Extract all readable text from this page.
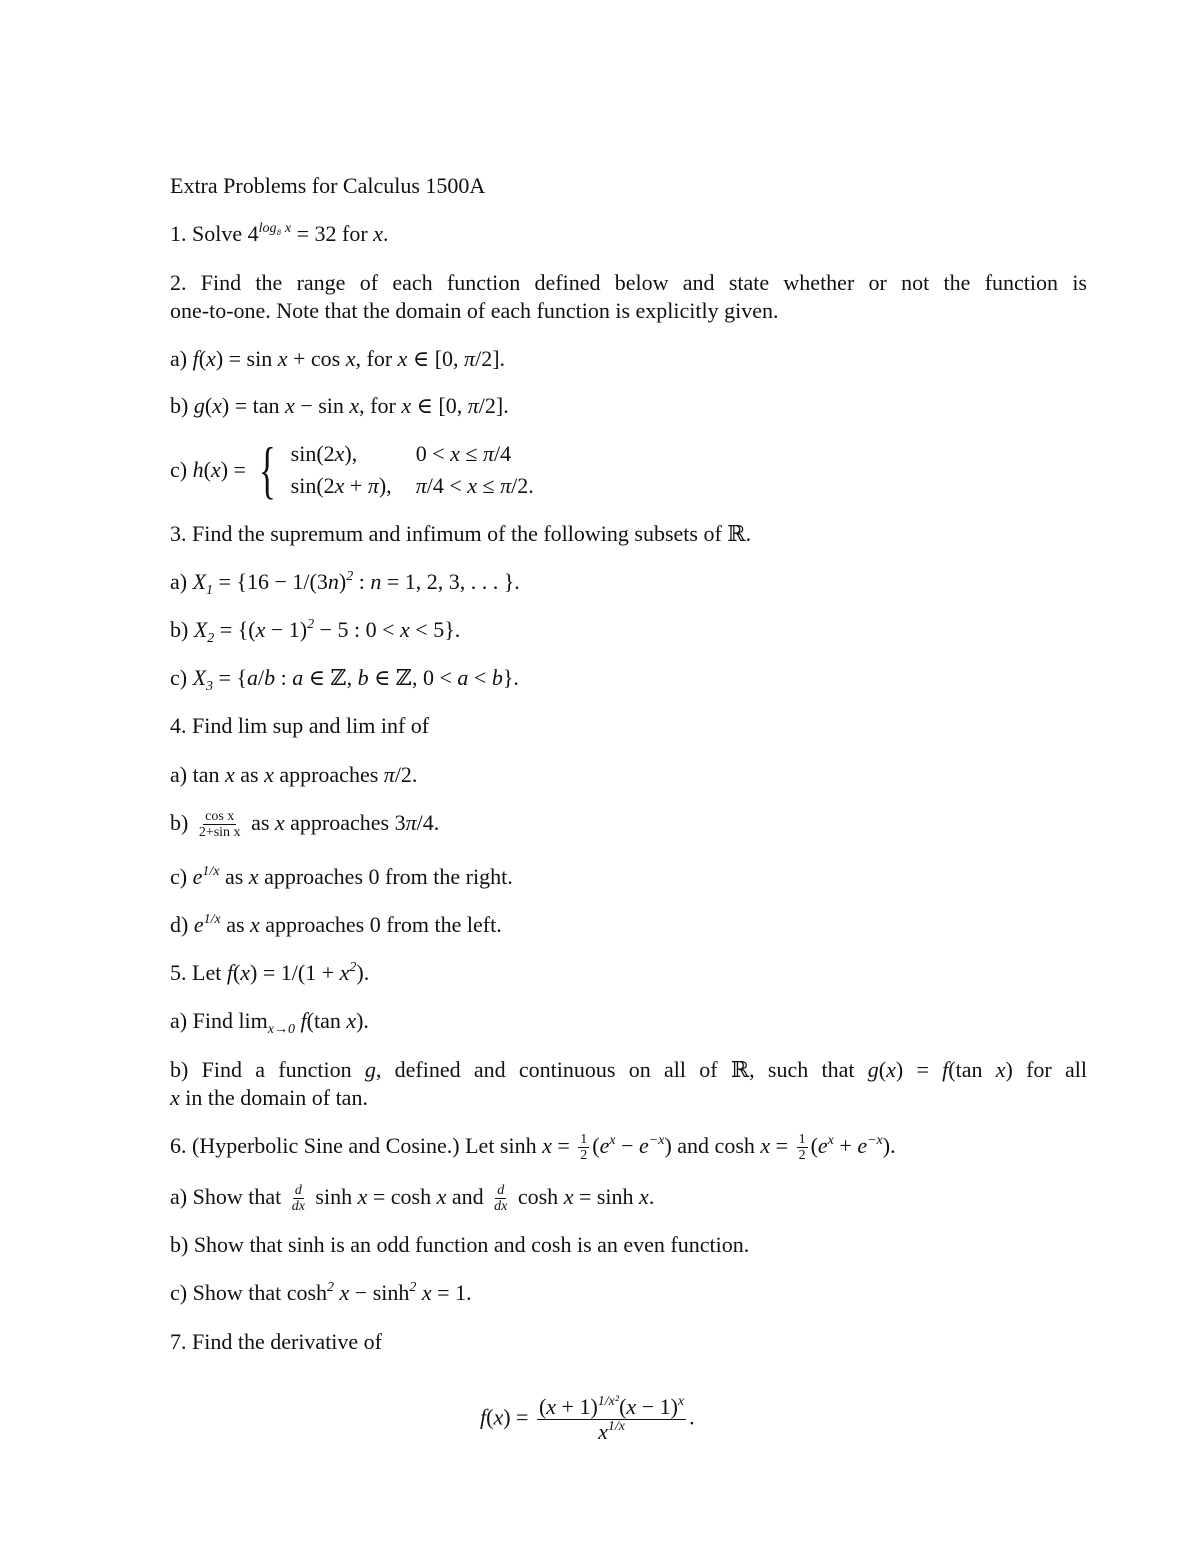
Extra Problems for Calculus 1500A
1. Solve $4^{log_8 x} = 32$ for x.
2. Find the range of each function defined below and state whether or not the function is
one-to-one. Note that the domain of each function is explicitly given.
a) f(x) = sin x + cos x, for x ∈ [0, π/2].
b) g(x) = tan x − sin x, for x ∈ [0, π/2].
c) h(x) = { sin(2x),	0 < x ≤ π/4
sin(2x + π), π/4 < x ≤ π/2.
3. Find the supremum and infimum of the following subsets of ℝ.
a) $X_1 = \{16 - 1/(3n)^2$ : n = 1, 2, 3, . . . }.
b) $X_2 = \{(x - 1)^2 - 5$ : 0 < x < 5}.
c) $X_3 = \{a/b$ : a ∈ ℤ, b ∈ ℤ, 0 < a < b}.
4. Find lim sup and lim inf of
a) tan x as x approaches π/2.
$b) \frac{\text{cos x}}{\text{2+sin x}}$ as x approaches 3π/4.
c) $e^{1/x}$ as x approaches 0 from the right.
d) $e^{1/x}$ as x approaches 0 from the left.
5. Let $f(x) = 1/(1 + x^2)$.
a) Find $\lim_{x\to 0} f(\tan$ x).
b) Find a function g, defined and continuous on all of ℝ, such that g(x) = f(tan x) for all
x in the domain of tan.
6. (Hyperbolic Sine and Cosine.) Let $\sinh x = \frac{1}{2} (e^x - e^{-x})$ and $\cosh x = \frac{1}{2} (e^x + e^{-x})$.
a) Show that $\frac{d}{dx}$ sinh x = cosh x and $\frac{d}{dx}$ cosh x = sinh x.
b) Show that sinh is an odd function and cosh is an even function.
c) Show that $\cosh^2 x - \sinh^2 x = 1$.
7. Find the derivative of
$f(x) = \frac{(x + 1)^{1/x^2}(x - 1)^x}{x^{1/x}}$ .
